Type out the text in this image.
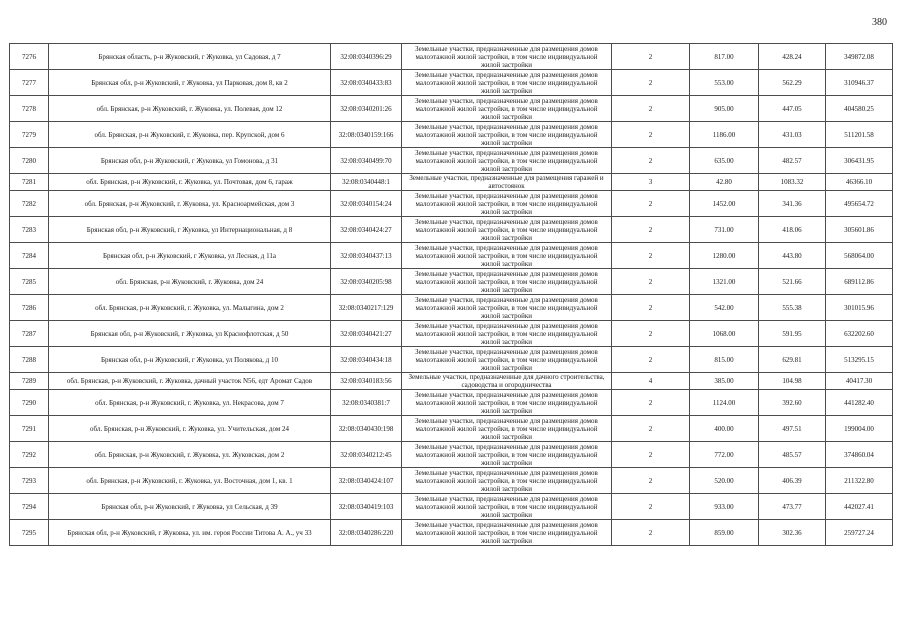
380
7276	Брянская область, р-н Жуковский, г Жуковка, ул Садовая, д 7	32:08:0340396:29	Земельные участки, предназначенные для размещения домов малоэтажной жилой застройки, в том числе индивидуальной жилой застройки	2	817.00	428.24	349872.08
7277	Брянская обл, р-н Жуковский, г Жуковка, ул Парковая, дом 8, кв 2	32:08:0340433:83	Земельные участки, предназначенные для размещения домов малоэтажной жилой застройки, в том числе индивидуальной жилой застройки	2	553.00	562.29	310946.37
7278	обл. Брянская, р-н Жуковский, г. Жуковка, ул. Полевая, дом 12	32:08:0340201:26	Земельные участки, предназначенные для размещения домов малоэтажной жилой застройки, в том числе индивидуальной жилой застройки	2	905.00	447.05	404580.25
7279	обл. Брянская, р-н Жуковский, г. Жуковка, пер. Крупской, дом 6	32:08:0340159:166	Земельные участки, предназначенные для размещения домов малоэтажной жилой застройки, в том числе индивидуальной жилой застройки	2	1186.00	431.03	511201.58
7280	Брянская обл, р-н Жуковский, г Жуковка, ул Гомонова, д 31	32:08:0340499:70	Земельные участки, предназначенные для размещения домов малоэтажной жилой застройки, в том числе индивидуальной жилой застройки	2	635.00	482.57	306431.95
7281	обл. Брянская, р-н Жуковский, г. Жуковка, ул. Почтовая, дом 6, гараж	32:08:0340448:1	Земельные участки, предназначенные для размещения гаражей и автостоянок	3	42.80	1083.32	46366.10
7282	обл. Брянская, р-н Жуковский, г. Жуковка, ул. Красноармейская, дом 3	32:08:0340154:24	Земельные участки, предназначенные для размещения домов малоэтажной жилой застройки, в том числе индивидуальной жилой застройки	2	1452.00	341.36	495654.72
7283	Брянская обл, р-н Жуковский, г Жуковка, ул Интернациональная, д 8	32:08:0340424:27	Земельные участки, предназначенные для размещения домов малоэтажной жилой застройки, в том числе индивидуальной жилой застройки	2	731.00	418.06	305601.86
7284	Брянская обл, р-н Жуковский, г Жуковка, ул Лесная, д 11а	32:08:0340437:13	Земельные участки, предназначенные для размещения домов малоэтажной жилой застройки, в том числе индивидуальной жилой застройки	2	1280.00	443.80	568064.00
7285	обл. Брянская, р-н Жуковский, г. Жуковка, дом 24	32:08:0340205:98	Земельные участки, предназначенные для размещения домов малоэтажной жилой застройки, в том числе индивидуальной жилой застройки	2	1321.00	521.66	689112.86
7286	обл. Брянская, р-н Жуковский, г. Жуковка, ул. Малыгина, дом 2	32:08:0340217:129	Земельные участки, предназначенные для размещения домов малоэтажной жилой застройки, в том числе индивидуальной жилой застройки	2	542.00	555.38	301015.96
7287	Брянская обл, р-н Жуковский, г Жуковка, ул Краснофлотская, д 50	32:08:0340421:27	Земельные участки, предназначенные для размещения домов малоэтажной жилой застройки, в том числе индивидуальной жилой застройки	2	1068.00	591.95	632202.60
7288	Брянская обл, р-н Жуковский, г Жуковка, ул Полякова, д 10	32:08:0340434:18	Земельные участки, предназначенные для размещения домов малоэтажной жилой застройки, в том числе индивидуальной жилой застройки	2	815.00	629.81	513295.15
7289	обл. Брянская, р-н Жуковский, г. Жуковка, дачный участок N56, едт Аромат Садов	32:08:0340183:56	Земельные участки, предназначенные для дачного строительства, садоводства и огородничества	4	385.00	104.98	40417.30
7290	обл. Брянская, р-н Жуковский, г. Жуковка, ул. Некрасова, дом 7	32:08:0340381:7	Земельные участки, предназначенные для размещения домов малоэтажной жилой застройки, в том числе индивидуальной жилой застройки	2	1124.00	392.60	441282.40
7291	обл. Брянская, р-н Жуковский, г. Жуковка, ул. Учительская, дом 24	32:08:0340430:198	Земельные участки, предназначенные для размещения домов малоэтажной жилой застройки, в том числе индивидуальной жилой застройки	2	400.00	497.51	199004.00
7292	обл. Брянская, р-н Жуковский, г. Жуковка, ул. Жуковская, дом 2	32:08:0340212:45	Земельные участки, предназначенные для размещения домов малоэтажной жилой застройки, в том числе индивидуальной жилой застройки	2	772.00	485.57	374860.04
7293	обл. Брянская, р-н Жуковский, г. Жуковка, ул. Восточная, дом 1, кв. 1	32:08:0340424:107	Земельные участки, предназначенные для размещения домов малоэтажной жилой застройки, в том числе индивидуальной жилой застройки	2	520.00	406.39	211322.80
7294	Брянская обл, р-н Жуковский, г Жуковка, ул Сельская, д 39	32:08:0340419:103	Земельные участки, предназначенные для размещения домов малоэтажной жилой застройки, в том числе индивидуальной жилой застройки	2	933.00	473.77	442027.41
7295	Брянская обл, р-н Жуковский, г Жуковка, ул. им. героя России Титова А. А., уч 33	32:08:0340286:220	Земельные участки, предназначенные для размещения домов малоэтажной жилой застройки, в том числе индивидуальной жилой застройки	2	859.00	302.36	259727.24
